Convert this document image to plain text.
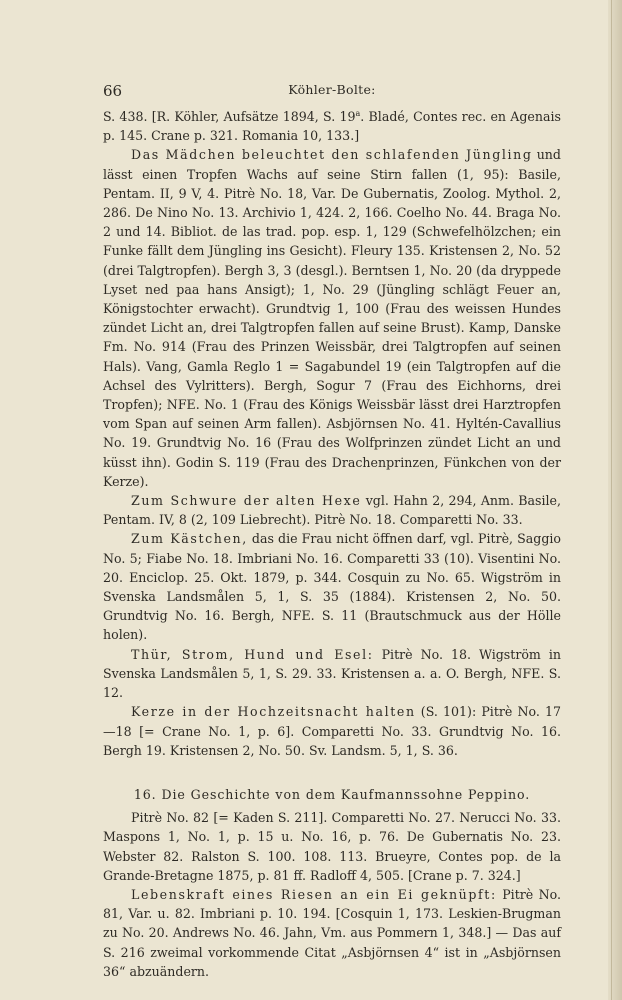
66	Köhler-Bolte:

S. 438. [R. Köhler, Aufsätze 1894, S. 19$^a$. Bladé, Contes rec. en Agenais p. 145. Crane p. 321. Romania 10, 133.]

Das Mädchen beleuchtet den schlafenden Jüngling und lässt einen Tropfen Wachs auf seine Stirn fallen (1, 95): Basile, Pentam. II, 9 V, 4. Pitrè No. 18, Var. De Gubernatis, Zoolog. Mythol. 2, 286. De Nino No. 13. Archivio 1, 424. 2, 166. Coelho No. 44. Braga No. 2 und 14. Bibliot. de las trad. pop. esp. 1, 129 (Schwefelhölzchen; ein Funke fällt dem Jüngling ins Gesicht). Fleury 135. Kristensen 2, No. 52 (drei Talgtropfen). Bergh 3, 3 (desgl.). Berntsen 1, No. 20 (da dryppede Lyset ned paa hans Ansigt); 1, No. 29 (Jüngling schlägt Feuer an, Königstochter erwacht). Grundtvig 1, 100 (Frau des weissen Hundes zündet Licht an, drei Talgtropfen fallen auf seine Brust). Kamp, Danske Fm. No. 914 (Frau des Prinzen Weissbär, drei Talgtropfen auf seinen Hals). Vang, Gamla Reglo 1 = Sagabundel 19 (ein Talgtropfen auf die Achsel des Vylritters). Bergh, Sogur 7 (Frau des Eichhorns, drei Tropfen); NFE. No. 1 (Frau des Königs Weissbär lässt drei Harztropfen vom Span auf seinen Arm fallen). Asbjörnsen No. 41. Hyltén-Cavallius No. 19. Grundtvig No. 16 (Frau des Wolfprinzen zündet Licht an und küsst ihn). Godin S. 119 (Frau des Drachenprinzen, Fünkchen von der Kerze).

Zum Schwure der alten Hexe vgl. Hahn 2, 294, Anm. Basile, Pentam. IV, 8 (2, 109 Liebrecht). Pitrè No. 18. Comparetti No. 33.

Zum Kästchen, das die Frau nicht öffnen darf, vgl. Pitrè, Saggio No. 5; Fiabe No. 18. Imbriani No. 16. Comparetti 33 (10). Visentini No. 20. Enciclop. 25. Okt. 1879, p. 344. Cosquin zu No. 65. Wigström in Svenska Landsmålen 5, 1, S. 35 (1884). Kristensen 2, No. 50. Grundtvig No. 16. Bergh, NFE. S. 11 (Brautschmuck aus der Hölle holen).

Thür, Strom, Hund und Esel: Pitrè No. 18. Wigström in Svenska Landsmålen 5, 1, S. 29. 33. Kristensen a. a. O. Bergh, NFE. S. 12.

Kerze in der Hochzeitsnacht halten (S. 101): Pitrè No. 17—18 [= Crane No. 1, p. 6]. Comparetti No. 33. Grundtvig No. 16. Bergh 19. Kristensen 2, No. 50. Sv. Landsm. 5, 1, S. 36.

16. Die Geschichte von dem Kaufmannssohne Peppino.

Pitrè No. 82 [= Kaden S. 211]. Comparetti No. 27. Nerucci No. 33. Maspons 1, No. 1, p. 15 u. No. 16, p. 76. De Gubernatis No. 23. Webster 82. Ralston S. 100. 108. 113. Brueyre, Contes pop. de la Grande-Bretagne 1875, p. 81 ff. Radloff 4, 505. [Crane p. 7. 324.]

Lebenskraft eines Riesen an ein Ei geknüpft: Pitrè No. 81, Var. u. 82. Imbriani p. 10. 194. [Cosquin 1, 173. Leskien-Brugman zu No. 20. Andrews No. 46. Jahn, Vm. aus Pommern 1, 348.] — Das auf S. 216 zweimal vorkommende Citat „Asbjörnsen 4“ ist in „Asbjörnsen 36“ abzuändern.
